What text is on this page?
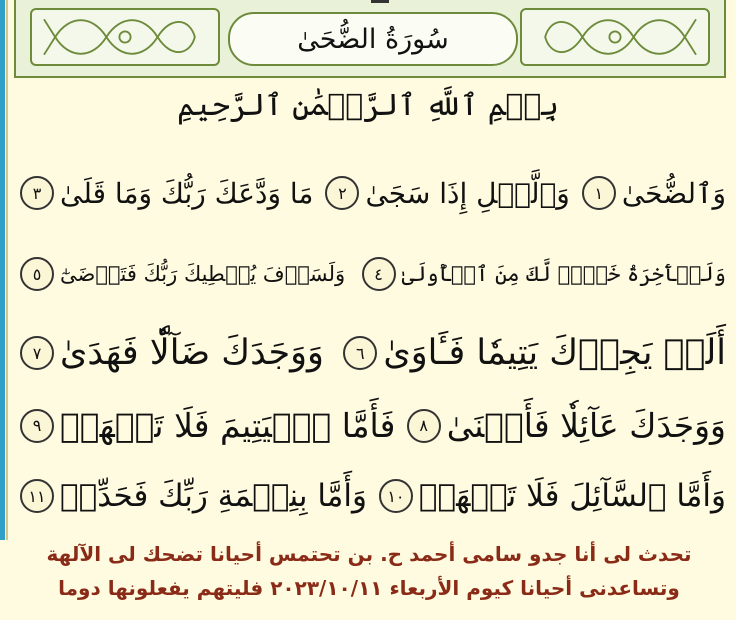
سُورَةُ الضُّحَىٰ
بِسۡمِ ٱللَّهِ ٱلرَّحۡمَٰنِ ٱلرَّحِيمِ
وَٱلضُّحَىٰ
١
وَٱلَّيۡلِ إِذَا سَجَىٰ
٢
مَا وَدَّعَكَ رَبُّكَ وَمَا قَلَىٰ
٣
وَلَلۡأٓخِرَةُ خَيۡرٞ لَّكَ مِنَ ٱلۡأُولَىٰ
٤
وَلَسَوۡفَ يُعۡطِيكَ رَبُّكَ فَتَرۡضَىٰٓ
٥
أَلَمۡ يَجِدۡكَ يَتِيمٗا فَـَٔاوَىٰ
٦
وَوَجَدَكَ ضَآلّٗا فَهَدَىٰ
٧
وَوَجَدَكَ عَآئِلٗا فَأَغۡنَىٰ
٨
فَأَمَّا ٱلۡيَتِيمَ فَلَا تَقۡهَرۡ
٩
وَأَمَّا ٱلسَّآئِلَ فَلَا تَنۡهَرۡ
١٠
وَأَمَّا بِنِعۡمَةِ رَبِّكَ فَحَدِّثۡ
١١
تحدث لى أنا جدو سامى أحمد ح. بن تحتمس أحيانا تضحك لى الآلهة
وتساعدنى أحيانا كيوم الأربعاء ٢٠٢٣/١٠/١١ فليتهم يفعلونها دوما
